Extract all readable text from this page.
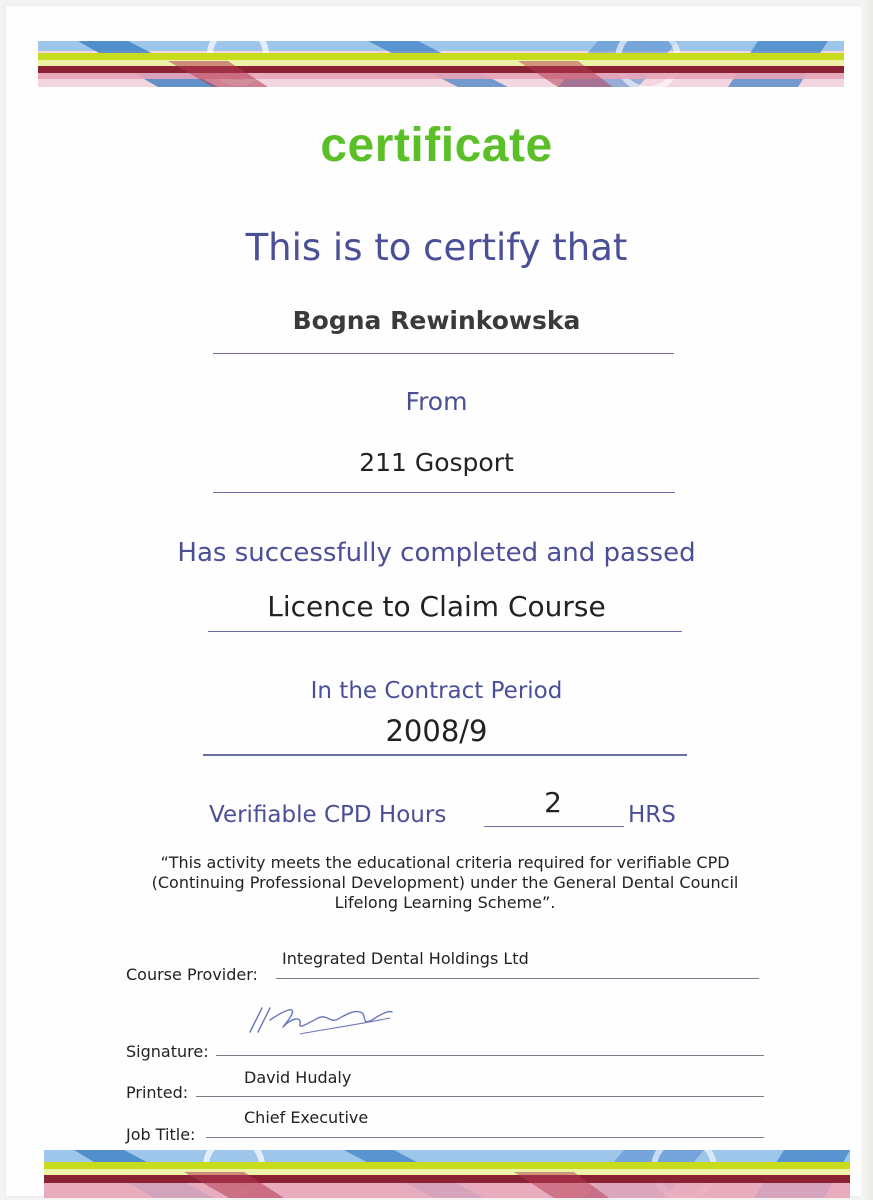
certificate
This is to certify that
Bogna Rewinkowska
From
211 Gosport
Has successfully completed and passed
Licence to Claim Course
In the Contract Period
2008/9
Verifiable CPD Hours	2	HRS
“This activity meets the educational criteria required for verifiable CPD
(Continuing Professional Development) under the General Dental Council
Lifelong Learning Scheme”.
Course Provider:
Integrated Dental Holdings Ltd
Signature:
Printed:
David Hudaly
Job Title:
Chief Executive
